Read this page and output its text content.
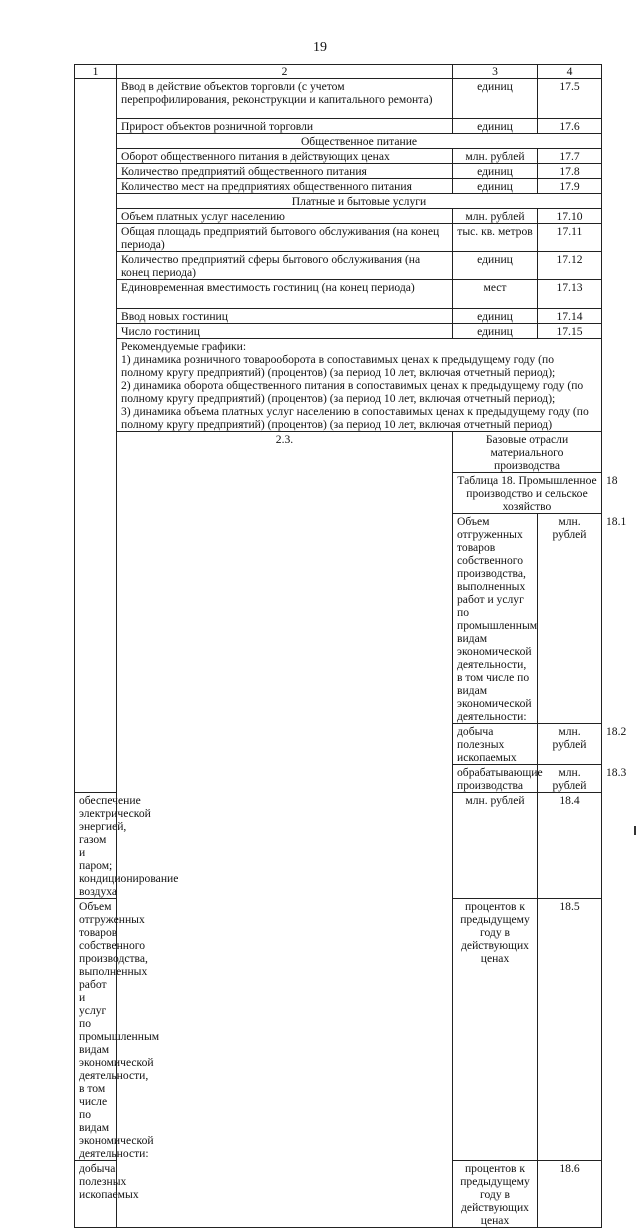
19
1	2	3	4	
	Ввод в действие объектов торговли (с учетом перепрофилирования, реконструкции и капитального ремонта)	единиц	17.5	
	Прирост объектов розничной торговли	единиц	17.6	
	Общественное питание			
	Оборот общественного питания в действующих ценах	млн. рублей	17.7	
	Количество предприятий общественного питания	единиц	17.8	
	Количество мест на предприятиях общественного питания	единиц	17.9	
	Платные и бытовые услуги			
	Объем платных услуг населению	млн. рублей	17.10	
	Общая площадь предприятий бытового обслуживания (на конец периода)	тыс. кв. метров	17.11	
	Количество предприятий сферы бытового обслуживания (на конец периода)	единиц	17.12	
	Единовременная вместимость гостиниц (на конец периода)	мест	17.13	
	Ввод новых гостиниц	единиц	17.14	
	Число гостиниц	единиц	17.15	

	Рекомендуемые графики:
1) динамика розничного товарооборота в сопоставимых ценах к предыдущему году (по полному кругу предприятий) (процентов) (за период 10 лет, включая отчетный период);
2) динамика оборота общественного питания в сопоставимых ценах к предыдущему году (по полному кругу предприятий) (процентов) (за период 10 лет, включая отчетный период);
3) динамика объема платных услуг населению в сопоставимых ценах к предыдущему году (по полному кругу предприятий) (процентов) (за период 10 лет, включая отчетный период)			

	2.3.	Базовые отрасли материального производства		
		Таблица 18. Промышленное производство и сельское хозяйство		18
		Объем отгруженных товаров собственного производства, выполненных работ и услуг по промышленным видам экономической деятельности, в том числе по видам экономической деятельности:	млн. рублей	18.1
		добыча полезных ископаемых	млн. рублей	18.2
		обрабатывающие производства	млн. рублей	18.3
обеспечение электрической энергией, газом и паром; кондиционирование воздуха		млн. рублей	18.4	
Объем отгруженных товаров собственного производства, выполненных работ и услуг по промышленным видам экономической деятельности, в том числе по видам экономической деятельности:		процентов к предыдущему году в действующих ценах	18.5	
добыча полезных ископаемых		процентов к предыдущему году в действующих ценах	18.6	
